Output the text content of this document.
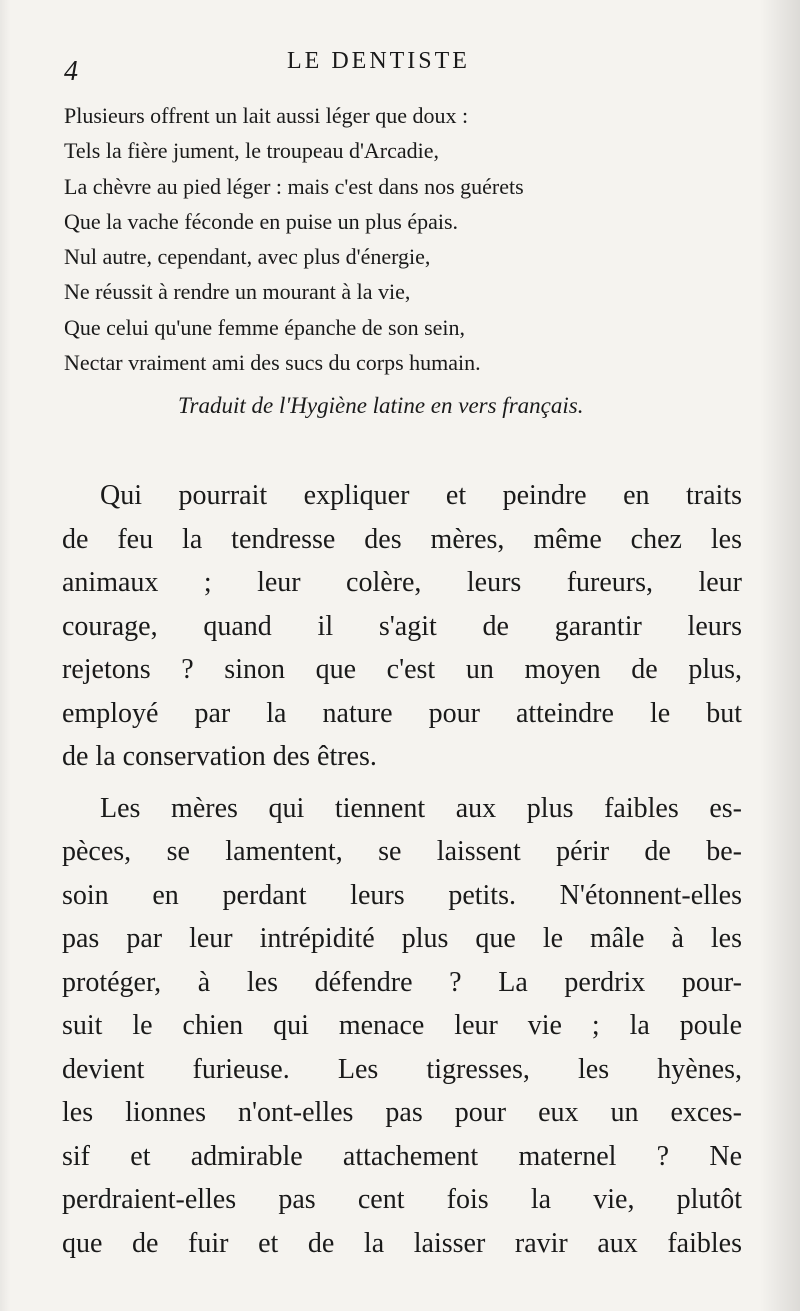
4	LE DENTISTE
Plusieurs offrent un lait aussi léger que doux :
Tels la fière jument, le troupeau d'Arcadie,
La chèvre au pied léger : mais c'est dans nos guérets
Que la vache féconde en puise un plus épais.
Nul autre, cependant, avec plus d'énergie,
Ne réussit à rendre un mourant à la vie,
Que celui qu'une femme épanche de son sein,
Nectar vraiment ami des sucs du corps humain.
Traduit de l'Hygiène latine en vers français.
Qui pourrait expliquer et peindre en traits
de feu la tendresse des mères, même chez les
animaux ; leur colère, leurs fureurs, leur
courage, quand il s'agit de garantir leurs
rejetons ? sinon que c'est un moyen de plus,
employé par la nature pour atteindre le but
de la conservation des êtres.
Les mères qui tiennent aux plus faibles es-
pèces, se lamentent, se laissent périr de be-
soin en perdant leurs petits. N'étonnent-elles
pas par leur intrépidité plus que le mâle à les
protéger, à les défendre ? La perdrix pour-
suit le chien qui menace leur vie ; la poule
devient furieuse. Les tigresses, les hyènes,
les lionnes n'ont-elles pas pour eux un exces-
sif et admirable attachement maternel ? Ne
perdraient-elles pas cent fois la vie, plutôt
que de fuir et de la laisser ravir aux faibles
